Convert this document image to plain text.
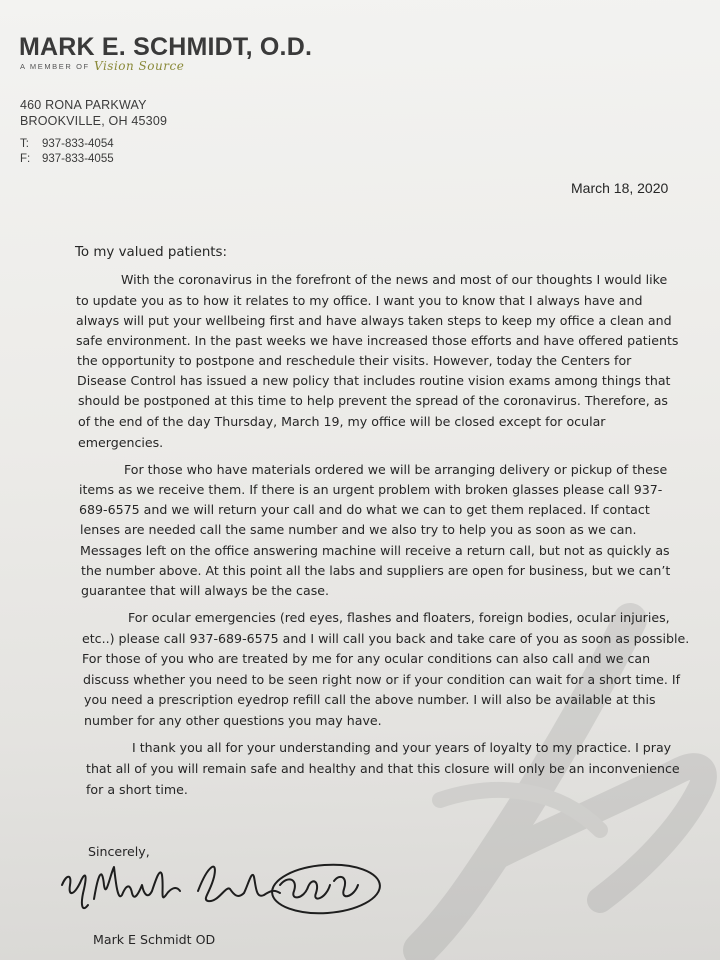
MARK E. SCHMIDT, O.D.
A MEMBER OF Vision Source
460 RONA PARKWAY
BROOKVILLE, OH 45309
T: 937-833-4054
F: 937-833-4055
March 18, 2020
To my valued patients:
With the coronavirus in the forefront of the news and most of our thoughts I would like
to update you as to how it relates to my office. I want you to know that I always have and
always will put your wellbeing first and have always taken steps to keep my office a clean and
safe environment. In the past weeks we have increased those efforts and have offered patients
the opportunity to postpone and reschedule their visits. However, today the Centers for
Disease Control has issued a new policy that includes routine vision exams among things that
should be postponed at this time to help prevent the spread of the coronavirus. Therefore, as
of the end of the day Thursday, March 19, my office will be closed except for ocular
emergencies.
For those who have materials ordered we will be arranging delivery or pickup of these
items as we receive them. If there is an urgent problem with broken glasses please call 937-
689-6575 and we will return your call and do what we can to get them replaced. If contact
lenses are needed call the same number and we also try to help you as soon as we can.
Messages left on the office answering machine will receive a return call, but not as quickly as
the number above. At this point all the labs and suppliers are open for business, but we can’t
guarantee that will always be the case.
For ocular emergencies (red eyes, flashes and floaters, foreign bodies, ocular injuries,
etc..) please call 937-689-6575 and I will call you back and take care of you as soon as possible.
For those of you who are treated by me for any ocular conditions can also call and we can
discuss whether you need to be seen right now or if your condition can wait for a short time. If
you need a prescription eyedrop refill call the above number. I will also be available at this
number for any other questions you may have.
I thank you all for your understanding and your years of loyalty to my practice. I pray
that all of you will remain safe and healthy and that this closure will only be an inconvenience
for a short time.
Sincerely,
Mark E Schmidt OD
